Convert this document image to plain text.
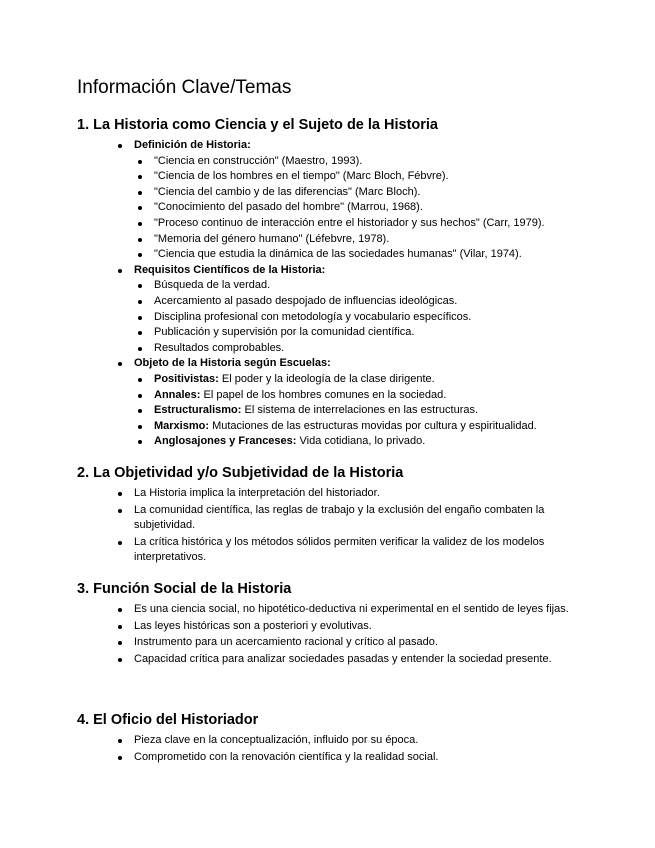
Información Clave/Temas
1. La Historia como Ciencia y el Sujeto de la Historia
Definición de Historia:
"Ciencia en construcción" (Maestro, 1993).
"Ciencia de los hombres en el tiempo" (Marc Bloch, Fébvre).
"Ciencia del cambio y de las diferencias" (Marc Bloch).
"Conocimiento del pasado del hombre" (Marrou, 1968).
"Proceso continuo de interacción entre el historiador y sus hechos" (Carr, 1979).
"Memoria del género humano" (Léfebvre, 1978).
"Ciencia que estudia la dinámica de las sociedades humanas" (Vilar, 1974).
Requisitos Científicos de la Historia:
Búsqueda de la verdad.
Acercamiento al pasado despojado de influencias ideológicas.
Disciplina profesional con metodología y vocabulario específicos.
Publicación y supervisión por la comunidad científica.
Resultados comprobables.
Objeto de la Historia según Escuelas:
Positivistas: El poder y la ideología de la clase dirigente.
Annales: El papel de los hombres comunes en la sociedad.
Estructuralismo: El sistema de interrelaciones en las estructuras.
Marxismo: Mutaciones de las estructuras movidas por cultura y espiritualidad.
Anglosajones y Franceses: Vida cotidiana, lo privado.
2. La Objetividad y/o Subjetividad de la Historia
La Historia implica la interpretación del historiador.
La comunidad científica, las reglas de trabajo y la exclusión del engaño combaten la subjetividad.
La crítica histórica y los métodos sólidos permiten verificar la validez de los modelos interpretativos.
3. Función Social de la Historia
Es una ciencia social, no hipotético-deductiva ni experimental en el sentido de leyes fijas.
Las leyes históricas son a posteriori y evolutivas.
Instrumento para un acercamiento racional y crítico al pasado.
Capacidad crítica para analizar sociedades pasadas y entender la sociedad presente.
4. El Oficio del Historiador
Pieza clave en la conceptualización, influido por su época.
Comprometido con la renovación científica y la realidad social.
